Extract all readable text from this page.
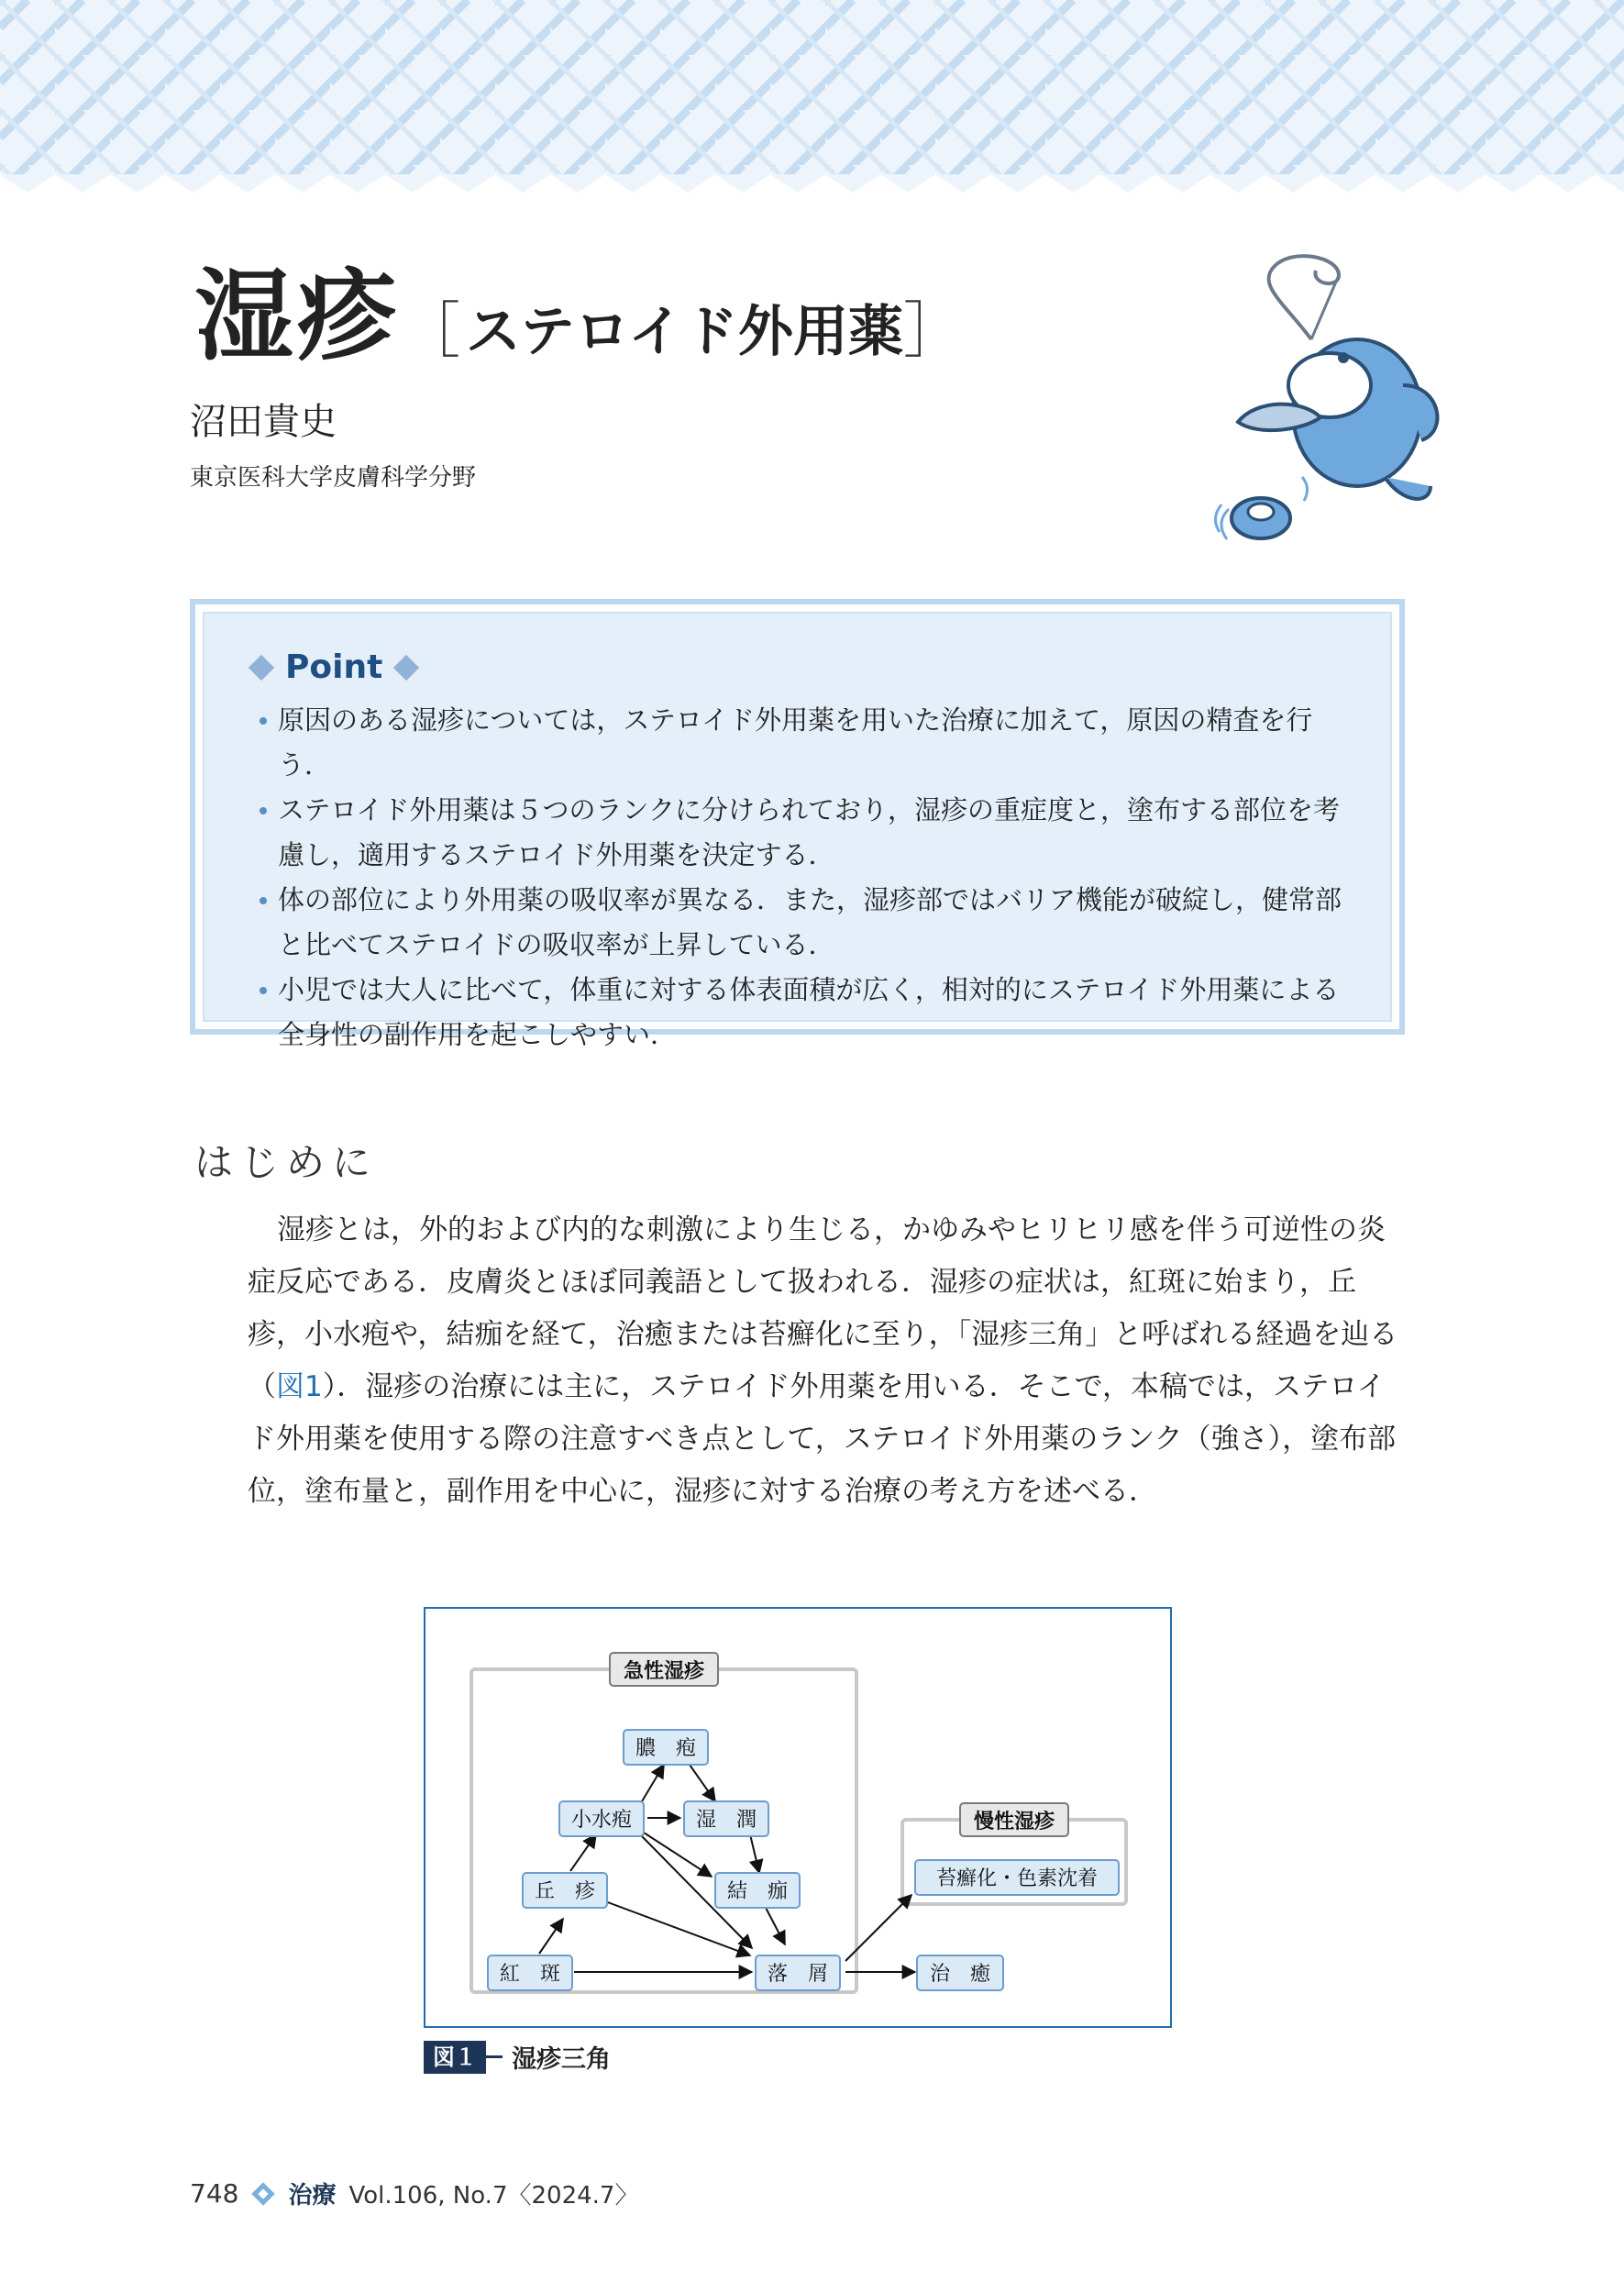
湿疹 ［ ステロイド外用薬 ］
沼田貴史
東京医科大学皮膚科学分野
Point
原因のある湿疹については，ステロイド外用薬を用いた治療に加えて，原因の精査を行う．
ステロイド外用薬は５つのランクに分けられており，湿疹の重症度と，塗布する部位を考慮し，適用するステロイド外用薬を決定する．
体の部位により外用薬の吸収率が異なる．また，湿疹部ではバリア機能が破綻し，健常部と比べてステロイドの吸収率が上昇している．
小児では大人に比べて，体重に対する体表面積が広く，相対的にステロイド外用薬による全身性の副作用を起こしやすい．
はじめに

湿疹とは，外的および内的な刺激により生じる，かゆみやヒリヒリ感を伴う可逆性の炎症反応である．皮膚炎とほぼ同義語として扱われる．湿疹の症状は，紅斑に始まり，丘疹，小水疱や，結痂を経て，治癒または苔癬化に至り，「湿疹三角」と呼ばれる経過を辿る（図1）．湿疹の治療には主に，ステロイド外用薬を用いる．そこで，本稿では，ステロイド外用薬を使用する際の注意すべき点として，ステロイド外用薬のランク（強さ），塗布部位，塗布量と，副作用を中心に，湿疹に対する治療の考え方を述べる．

急性湿疹
慢性湿疹
膿　疱
小水疱	湿　潤
丘　疹	結　痂
紅　斑	落　屑
苔癬化・色素沈着
治　癒
図１	湿疹三角
748 治療 Vol.106, No.7〈2024.7〉
